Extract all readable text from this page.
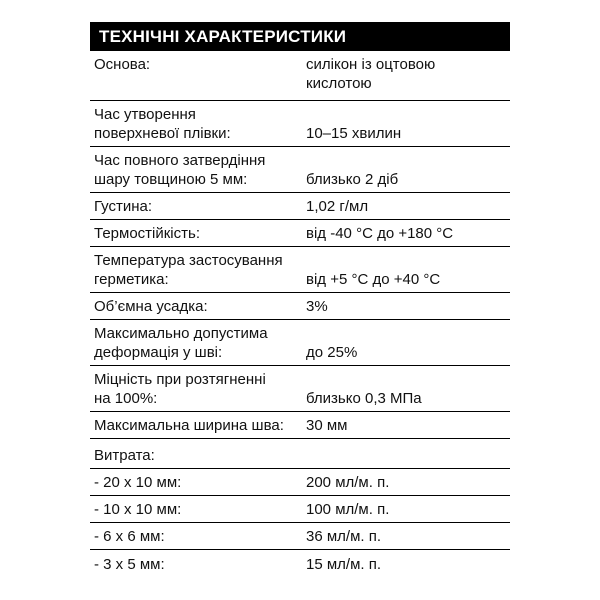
ТЕХНІЧНІ ХАРАКТЕРИСТИКИ
Основа:	силікон із оцтовою
кислотою
Час утворення
поверхневої плівки:	10–15 хвилин
Час повного затвердіння
шару товщиною 5 мм:	близько 2 діб
Густина:	1,02 г/мл
Термостійкість:	від -40 °С до +180 °С
Температура застосування
герметика:	від +5 °С до +40 °С
Об’ємна усадка:	3%
Максимально допустима
деформація у шві:	до 25%
Міцність при розтягненні
на 100%:	близько 0,3 МПа
Максимальна ширина шва:	30 мм
Витрата:
- 20 х 10 мм:	200 мл/м. п.
- 10 х 10 мм:	100 мл/м. п.
- 6 х 6 мм:	36 мл/м. п.
- 3 х 5 мм:	15 мл/м. п.
